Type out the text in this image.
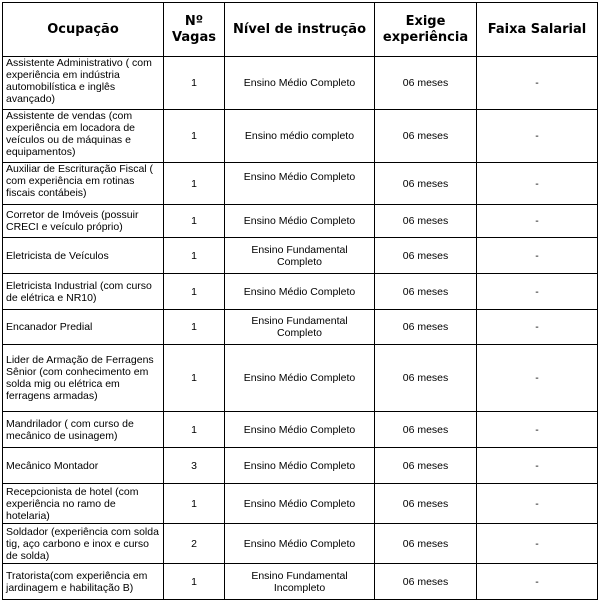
Ocupação	Nº Vagas	Nível de instrução	Exige experiência	Faixa Salarial
Assistente Administrativo ( com experiência em indústria automobilística e inglês avançado)	1	Ensino Médio Completo	06 meses	-
Assistente de vendas (com experiência em locadora de veículos ou de máquinas e equipamentos)	1	Ensino médio completo	06 meses	-
Auxiliar de Escrituração Fiscal ( com experiência em rotinas fiscais contábeis)	1	Ensino Médio Completo	06 meses	-
Corretor de Imóveis (possuir CRECI e veículo próprio)	1	Ensino Médio Completo	06 meses	-
Eletricista de Veículos	1	Ensino Fundamental Completo	06 meses	-
Eletricista Industrial (com curso de elétrica e NR10)	1	Ensino Médio Completo	06 meses	-
Encanador Predial	1	Ensino Fundamental Completo	06 meses	-
Lider de Armação de Ferragens Sênior (com conhecimento em solda mig ou elétrica em ferragens armadas)	1	Ensino Médio Completo	06 meses	-
Mandrilador ( com curso de mecânico de usinagem)	1	Ensino Médio Completo	06 meses	-
Mecânico Montador	3	Ensino Médio Completo	06 meses	-
Recepcionista de hotel (com experiência no ramo de hotelaria)	1	Ensino Médio Completo	06 meses	-
Soldador (experiência com solda tig, aço carbono e inox e curso de solda)	2	Ensino Médio Completo	06 meses	-
Tratorista(com experiência em jardinagem e habilitação B)	1	Ensino Fundamental Incompleto	06 meses	-
